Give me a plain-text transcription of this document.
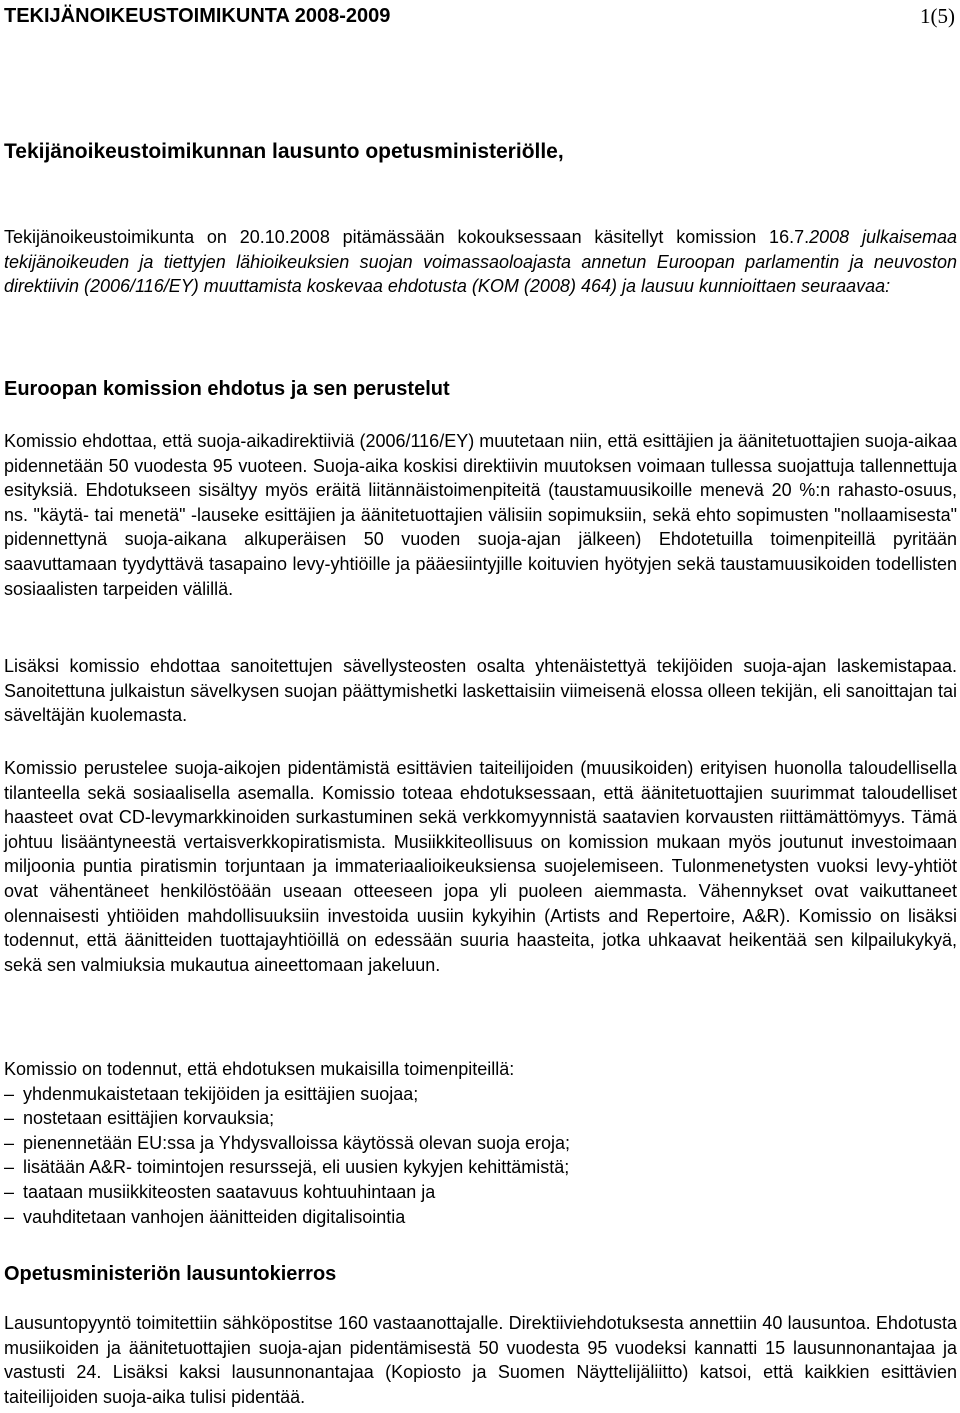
TEKIJÄNOIKEUSTOIMIKUNTA 2008-2009	1(5)
Tekijänoikeustoimikunnan lausunto opetusministeriölle,

Tekijänoikeustoimikunta on 20.10.2008 pitämässään kokouksessaan käsitellyt komission 16.7.2008 julkaisemaa tekijänoikeuden ja tiettyjen lähioikeuksien suojan voimassaoloajasta annetun Euroopan parlamentin ja neuvoston direktiivin (2006/116/EY) muuttamista koskevaa ehdotusta (KOM (2008) 464) ja lausuu kunnioittaen seuraavaa:

Euroopan komission ehdotus ja sen perustelut

Komissio ehdottaa, että suoja-aikadirektiiviä (2006/116/EY) muutetaan niin, että esittäjien ja äänitetuottajien suoja-aikaa pidennetään 50 vuodesta 95 vuoteen. Suoja-aika koskisi direktiivin muutoksen voimaan tullessa suojattuja tallennettuja esityksiä. Ehdotukseen sisältyy myös eräitä liitännäistoimenpiteitä (taustamuusikoille menevä 20 %:n rahasto-osuus, ns. "käytä- tai menetä" -lauseke esittäjien ja äänitetuottajien välisiin sopimuksiin, sekä ehto sopimusten "nollaamisesta" pidennettynä suoja-aikana alkuperäisen 50 vuoden suoja-ajan jälkeen) Ehdotetuilla toimenpiteillä pyritään saavuttamaan tyydyttävä tasapaino levy-yhtiöille ja pääesiintyjille koituvien hyötyjen sekä taustamuusikoiden todellisten sosiaalisten tarpeiden välillä.

Lisäksi komissio ehdottaa sanoitettujen sävellysteosten osalta yhtenäistettyä tekijöiden suoja-ajan laskemistapaa. Sanoitettuna julkaistun sävelkysen suojan päättymishetki laskettaisiin viimeisenä elossa olleen tekijän, eli sanoittajan tai säveltäjän kuolemasta.

Komissio perustelee suoja-aikojen pidentämistä esittävien taiteilijoiden (muusikoiden) erityisen huonolla taloudellisella tilanteella sekä sosiaalisella asemalla. Komissio toteaa ehdotuksessaan, että äänitetuottajien suurimmat taloudelliset haasteet ovat CD-levymarkkinoiden surkastuminen sekä verkkomyynnistä saatavien korvausten riittämättömyys. Tämä johtuu lisääntyneestä vertaisverkkopiratismista. Musiikkiteollisuus on komission mukaan myös joutunut investoimaan miljoonia puntia piratismin torjuntaan ja immateriaalioikeuksiensa suojelemiseen. Tulonmenetysten vuoksi levy-yhtiöt ovat vähentäneet henkilöstöään useaan otteeseen jopa yli puoleen aiemmasta. Vähennykset ovat vaikuttaneet olennaisesti yhtiöiden mahdollisuuksiin investoida uusiin kykyihin (Artists and Repertoire, A&R). Komissio on lisäksi todennut, että äänitteiden tuottajayhtiöillä on edessään suuria haasteita, jotka uhkaavat heikentää sen kilpailukykyä, sekä sen valmiuksia mukautua aineettomaan jakeluun.

Komissio on todennut, että ehdotuksen mukaisilla toimenpiteillä:
– yhdenmukaistetaan tekijöiden ja esittäjien suojaa;
– nostetaan esittäjien korvauksia;
– pienennetään EU:ssa ja Yhdysvalloissa käytössä olevan suoja eroja;
– lisätään A&R- toimintojen resurssejä, eli uusien kykyjen kehittämistä;
– taataan musiikkiteosten saatavuus kohtuuhintaan ja
– vauhditetaan vanhojen äänitteiden digitalisointia
Opetusministeriön lausuntokierros

Lausuntopyyntö toimitettiin sähköpostitse 160 vastaanottajalle. Direktiiviehdotuksesta annettiin 40 lausuntoa. Ehdotusta musiikoiden ja äänitetuottajien suoja-ajan pidentämisestä 50 vuodesta 95 vuodeksi kannatti 15 lausunnonantajaa ja vastusti 24. Lisäksi kaksi lausunnonantajaa (Kopiosto ja Suomen Näyttelijäliitto) katsoi, että kaikkien esittävien taiteilijoiden suoja-aika tulisi pidentää.
